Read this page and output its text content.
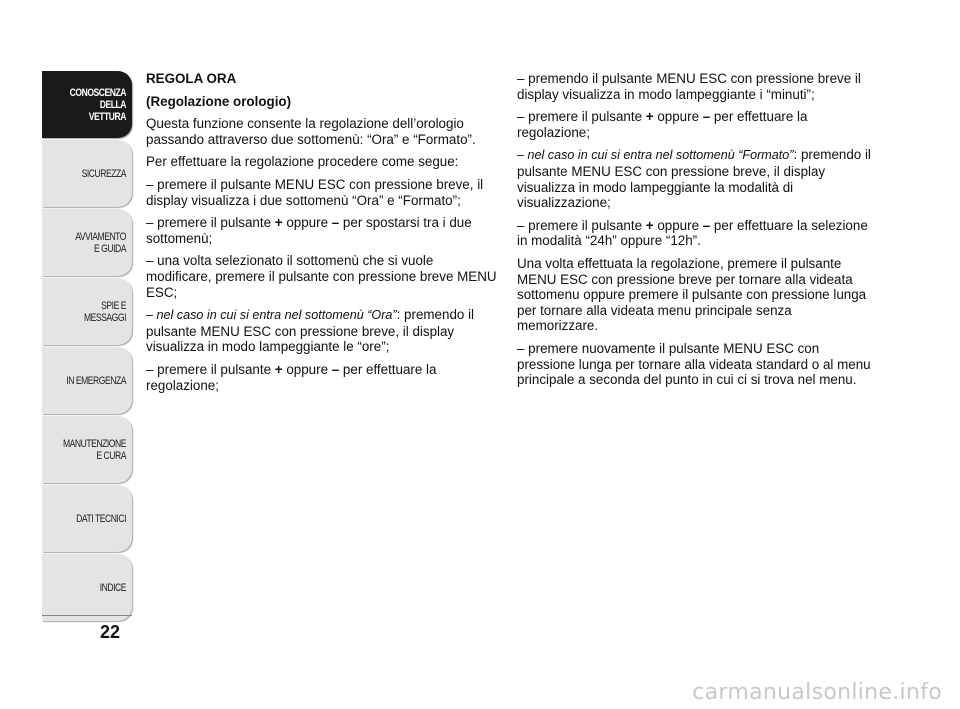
CONOSCENZA
DELLA
VETTURA
SICUREZZA
AVVIAMENTO
E GUIDA
SPIE E
MESSAGGI
IN EMERGENZA
MANUTENZIONE
E CURA
DATI TECNICI
INDICE
22

REGOLA ORA

(Regolazione orologio)

Questa funzione consente la regolazione dell’orologio passando attraverso due sottomenù: “Ora” e “Formato”.

Per effettuare la regolazione procedere come segue:

– premere il pulsante MENU ESC con pressione breve, il display visualizza i due sottomenù “Ora” e “Formato”;

– premere il pulsante + oppure – per spostarsi tra i due sottomenù;

– una volta selezionato il sottomenù che si vuole modificare, premere il pulsante con pressione breve MENU ESC;

– nel caso in cui si entra nel sottomenù “Ora”: premendo il pulsante MENU ESC con pressione breve, il display visualizza in modo lampeggiante le “ore”;

– premere il pulsante + oppure – per effettuare la regolazione;

– premendo il pulsante MENU ESC con pressione breve il display visualizza in modo lampeggiante i “minuti”;

– premere il pulsante + oppure – per effettuare la regolazione;

– nel caso in cui si entra nel sottomenù “Formato”: premendo il pulsante MENU ESC con pressione breve, il display visualizza in modo lampeggiante la modalità di visualizzazione;

– premere il pulsante + oppure – per effettuare la selezione in modalità “24h” oppure “12h”.

Una volta effettuata la regolazione, premere il pulsante MENU ESC con pressione breve per tornare alla videata sottomenu oppure premere il pulsante con pressione lunga per tornare alla videata menu principale senza memorizzare.

– premere nuovamente il pulsante MENU ESC con pressione lunga per tornare alla videata standard o al menu principale a seconda del punto in cui ci si trova nel menu.

carmanualsonline.info
